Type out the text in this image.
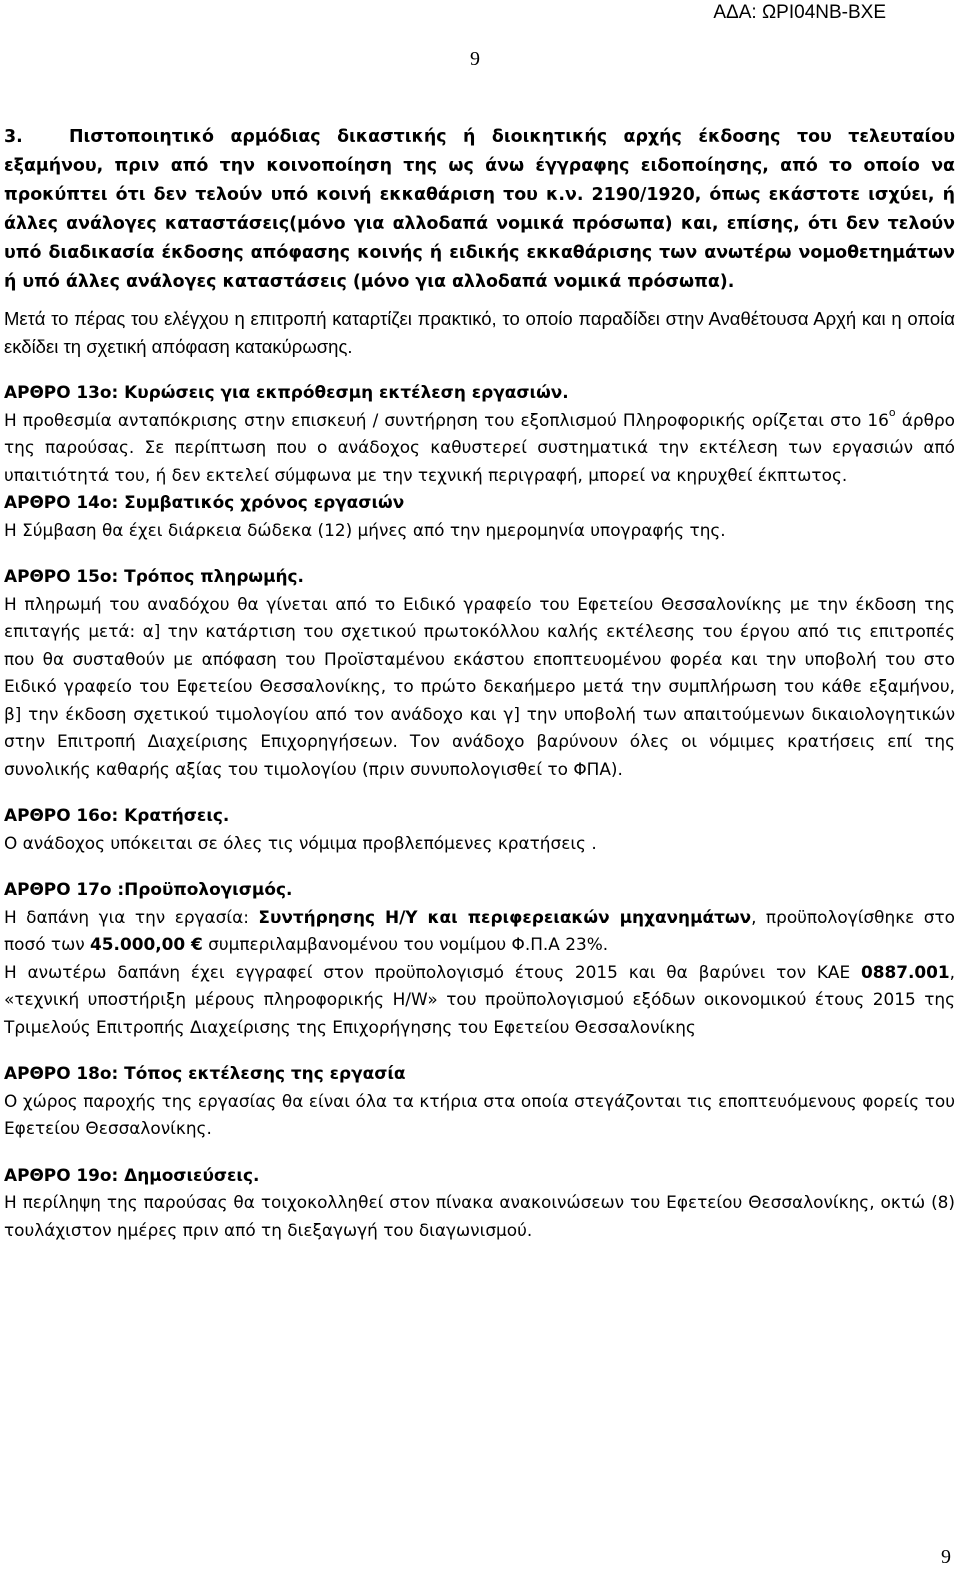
ΑΔΑ: ΩΡΙ04ΝΒ-ΒΧΕ
9

3.	Πιστοποιητικό αρμόδιας δικαστικής ή διοικητικής αρχής έκδοσης του τελευταίου εξαμήνου, πριν από την κοινοποίηση της ως άνω έγγραφης ειδοποίησης, από το οποίο να προκύπτει ότι δεν τελούν υπό κοινή εκκαθάριση του κ.ν. 2190/1920, όπως εκάστοτε ισχύει, ή άλλες ανάλογες καταστάσεις(μόνο για αλλοδαπά νομικά πρόσωπα) και, επίσης, ότι δεν τελούν υπό διαδικασία έκδοσης απόφασης κοινής ή ειδικής εκκαθάρισης των ανωτέρω νομοθετημάτων ή υπό άλλες ανάλογες καταστάσεις (μόνο για αλλοδαπά νομικά πρόσωπα).

Μετά το πέρας του ελέγχου η επιτροπή καταρτίζει πρακτικό, το οποίο παραδίδει στην Αναθέτουσα Αρχή και η οποία εκδίδει τη σχετική απόφαση κατακύρωσης.

ΑΡΘΡΟ 13ο: Κυρώσεις για εκπρόθεσμη εκτέλεση εργασιών.

Η προθεσμία ανταπόκρισης στην επισκευή / συντήρηση του εξοπλισμού Πληροφορικής ορίζεται στο $16^o$ άρθρο της παρούσας. Σε περίπτωση που ο ανάδοχος καθυστερεί συστηματικά την εκτέλεση των εργασιών από υπαιτιότητά του, ή δεν εκτελεί σύμφωνα με την τεχνική περιγραφή, μπορεί να κηρυχθεί έκπτωτος.

ΑΡΘΡΟ 14ο: Συμβατικός χρόνος εργασιών

Η Σύμβαση θα έχει διάρκεια δώδεκα (12) μήνες από την ημερομηνία υπογραφής της.

ΑΡΘΡΟ 15ο: Τρόπος πληρωμής.

Η πληρωμή του αναδόχου θα γίνεται από το Ειδικό γραφείο του Εφετείου Θεσσαλονίκης με την έκδοση της επιταγής μετά: α] την κατάρτιση του σχετικού πρωτοκόλλου καλής εκτέλεσης του έργου από τις επιτροπές που θα συσταθούν με απόφαση του Προϊσταμένου εκάστου εποπτευομένου φορέα και την υποβολή του στο Ειδικό γραφείο του Εφετείου Θεσσαλονίκης, το πρώτο δεκαήμερο μετά την συμπλήρωση του κάθε εξαμήνου, β] την έκδοση σχετικού τιμολογίου από τον ανάδοχο και γ] την υποβολή των απαιτούμενων δικαιολογητικών στην Επιτροπή Διαχείρισης Επιχορηγήσεων. Τον ανάδοχο βαρύνουν όλες οι νόμιμες κρατήσεις επί της συνολικής καθαρής αξίας του τιμολογίου (πριν συνυπολογισθεί το ΦΠΑ).

ΑΡΘΡΟ 16ο: Κρατήσεις.

Ο ανάδοχος υπόκειται σε όλες τις νόμιμα προβλεπόμενες κρατήσεις .

ΑΡΘΡΟ 17ο :Προϋπολογισμός.

Η δαπάνη για την εργασία: Συντήρησης Η/Υ και περιφερειακών μηχανημάτων, προϋπολογίσθηκε στο ποσό των 45.000,00 € συμπεριλαμβανομένου του νομίμου Φ.Π.Α 23%.

Η ανωτέρω δαπάνη έχει εγγραφεί στον προϋπολογισμό έτους 2015 και θα βαρύνει τον ΚΑΕ 0887.001, «τεχνική υποστήριξη μέρους πληροφορικής Η/W» του προϋπολογισμού εξόδων οικονομικού έτους 2015 της Τριμελούς Επιτροπής Διαχείρισης της Επιχορήγησης του Εφετείου Θεσσαλονίκης

ΑΡΘΡΟ 18ο: Τόπος εκτέλεσης της εργασία

Ο χώρος παροχής της εργασίας θα είναι όλα τα κτήρια στα οποία στεγάζονται τις εποπτευόμενους φορείς του Εφετείου Θεσσαλονίκης.

ΑΡΘΡΟ 19ο: Δημοσιεύσεις.

Η περίληψη της παρούσας θα τοιχοκολληθεί στον πίνακα ανακοινώσεων του Εφετείου Θεσσαλονίκης, οκτώ (8) τουλάχιστον ημέρες πριν από τη διεξαγωγή του διαγωνισμού.

9
